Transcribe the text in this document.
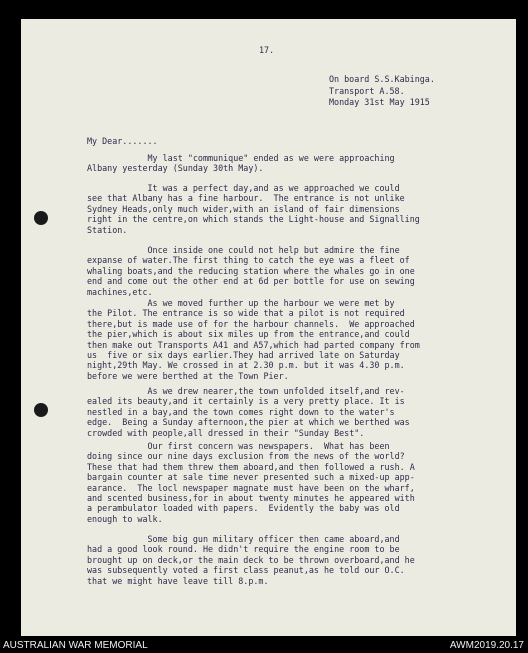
17.

On board S.S.Kabinga.
Transport A.58.
Monday 31st May 1915

My Dear.......

My last "communique" ended as we were approaching
Albany yesterday (Sunday 30th May).

It was a perfect day,and as we approached we could
see that Albany has a fine harbour.  The entrance is not unlike
Sydney Heads,only much wider,with an island of fair dimensions
right in the centre,on which stands the Light-house and Signalling
Station.

Once inside one could not help but admire the fine
expanse of water.The first thing to catch the eye was a fleet of
whaling boats,and the reducing station where the whales go in one
end and come out the other end at 6d per bottle for use on sewing
machines,etc.

As we moved further up the harbour we were met by
the Pilot. The entrance is so wide that a pilot is not required
there,but is made use of for the harbour channels.  We approached
the pier,which is about six miles up from the entrance,and could
then make out Transports A41 and A57,which had parted company from
us  five or six days earlier.They had arrived late on Saturday
night,29th May. We crossed in at 2.30 p.m. but it was 4.30 p.m.
before we were berthed at the Town Pier.

As we drew nearer,the town unfolded itself,and rev-
ealed its beauty,and it certainly is a very pretty place. It is
nestled in a bay,and the town comes right down to the water's
edge.  Being a Sunday afternoon,the pier at which we berthed was
crowded with people,all dressed in their "Sunday Best".

Our first concern was newspapers.  What has been
doing since our nine days exclusion from the news of the world?
These that had them threw them aboard,and then followed a rush. A
bargain counter at sale time never presented such a mixed-up app-
earance.  The locl newspaper magnate must have been on the wharf,
and scented business,for in about twenty minutes he appeared with
a perambulator loaded with papers.  Evidently the baby was old
enough to walk.

Some big gun military officer then came aboard,and
had a good look round. He didn't require the engine room to be
brought up on deck,or the main deck to be thrown overboard,and he
was subsequently voted a first class peanut,as he told our O.C.
that we might have leave till 8.p.m.

AUSTRALIAN WAR MEMORIAL	AWM2019.20.17
